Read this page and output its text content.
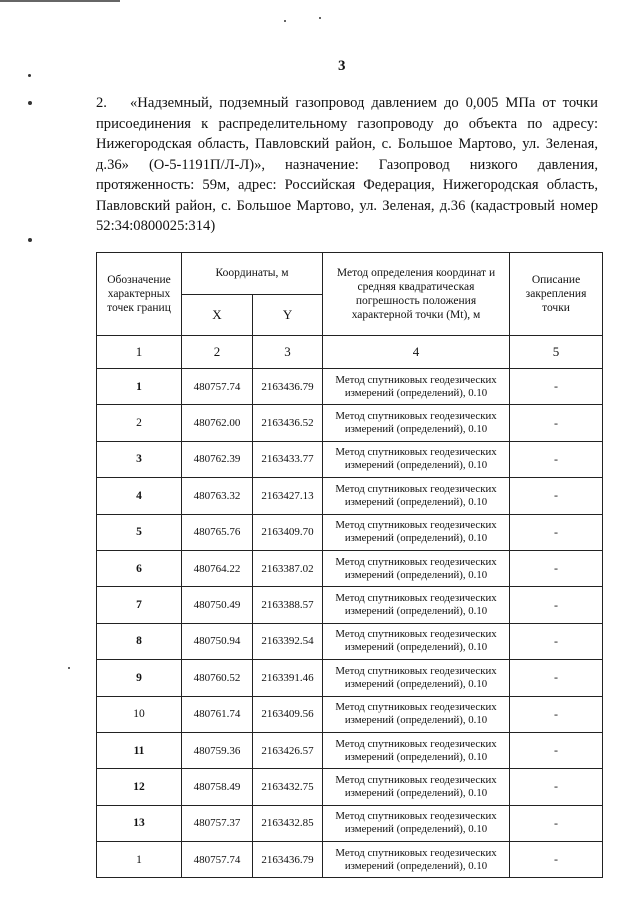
3
2. «Надземный, подземный газопровод давлением до 0,005 МПа от точки присоединения к распределительному газопроводу до объекта по адресу: Нижегородская область, Павловский район, с. Большое Мартово, ул. Зеленая, д.36» (О-5-1191П/Л-Л)», назначение: Газопровод низкого давления, протяженность: 59м, адрес: Российская Федерация, Нижегородская область, Павловский район, с. Большое Мартово, ул. Зеленая, д.36 (кадастровый номер 52:34:0800025:314)
Обозначение характерных точек границ	Координаты, м		Метод определения координат и средняя квадратическая погрешность положения характерной точки (Mt), м	Описание закрепления точки
	X	Y		
1	2	3	4	5
1	480757.74	2163436.79	Метод спутниковых геодезических измерений (определений), 0.10	-
2	480762.00	2163436.52	Метод спутниковых геодезических измерений (определений), 0.10	-
3	480762.39	2163433.77	Метод спутниковых геодезических измерений (определений), 0.10	-
4	480763.32	2163427.13	Метод спутниковых геодезических измерений (определений), 0.10	-
5	480765.76	2163409.70	Метод спутниковых геодезических измерений (определений), 0.10	-
6	480764.22	2163387.02	Метод спутниковых геодезических измерений (определений), 0.10	-
7	480750.49	2163388.57	Метод спутниковых геодезических измерений (определений), 0.10	-
8	480750.94	2163392.54	Метод спутниковых геодезических измерений (определений), 0.10	-
9	480760.52	2163391.46	Метод спутниковых геодезических измерений (определений), 0.10	-
10	480761.74	2163409.56	Метод спутниковых геодезических измерений (определений), 0.10	-
11	480759.36	2163426.57	Метод спутниковых геодезических измерений (определений), 0.10	-
12	480758.49	2163432.75	Метод спутниковых геодезических измерений (определений), 0.10	-
13	480757.37	2163432.85	Метод спутниковых геодезических измерений (определений), 0.10	-
1	480757.74	2163436.79	Метод спутниковых геодезических измерений (определений), 0.10	-
